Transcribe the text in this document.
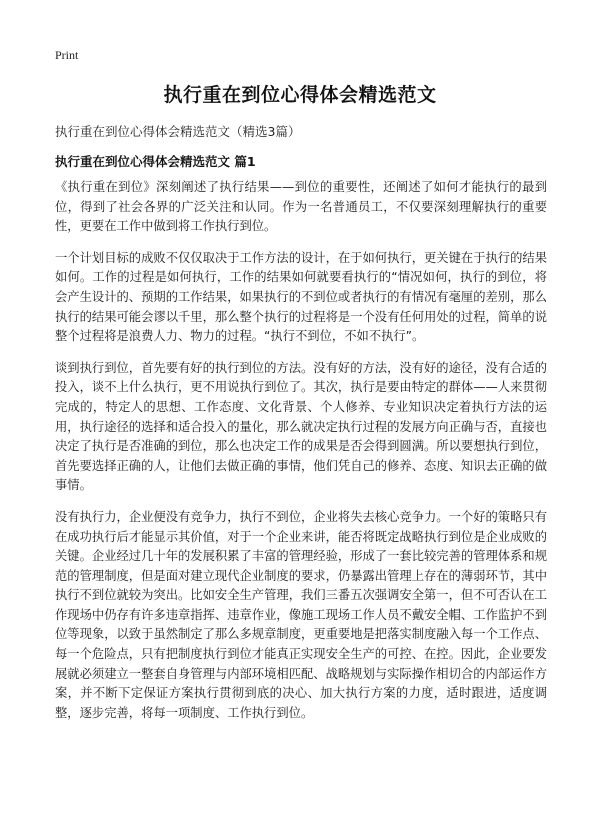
Print
执行重在到位心得体会精选范文
执行重在到位心得体会精选范文（精选3篇）
执行重在到位心得体会精选范文 篇1

《执行重在到位》深刻阐述了执行结果——到位的重要性，还阐述了如何才能执行的最到位，得到了社会各界的广泛关注和认同。作为一名普通员工，不仅要深刻理解执行的重要性，更要在工作中做到将工作执行到位。

一个计划目标的成败不仅仅取决于工作方法的设计，在于如何执行，更关键在于执行的结果如何。工作的过程是如何执行，工作的结果如何就要看执行的“情况如何，执行的到位，将会产生设计的、预期的工作结果，如果执行的不到位或者执行的有情况有毫厘的差别，那么执行的结果可能会谬以千里，那么整个执行的过程将是一个没有任何用处的过程，简单的说整个过程将是浪费人力、物力的过程。“执行不到位，不如不执行”。

谈到执行到位，首先要有好的执行到位的方法。没有好的方法，没有好的途径，没有合适的投入，谈不上什么执行，更不用说执行到位了。其次，执行是要由特定的群体——人来贯彻完成的，特定人的思想、工作态度、文化背景、个人修养、专业知识决定着执行方法的运用，执行途径的选择和适合投入的量化，那么就决定执行过程的发展方向正确与否，直接也决定了执行是否准确的到位，那么也决定工作的成果是否会得到圆满。所以要想执行到位，首先要选择正确的人，让他们去做正确的事情，他们凭自己的修养、态度、知识去正确的做事情。

没有执行力，企业便没有竞争力，执行不到位，企业将失去核心竞争力。一个好的策略只有在成功执行后才能显示其价值，对于一个企业来讲，能否将既定战略执行到位是企业成败的关键。企业经过几十年的发展积累了丰富的管理经验，形成了一套比较完善的管理体系和规范的管理制度，但是面对建立现代企业制度的要求，仍暴露出管理上存在的薄弱环节，其中执行不到位就较为突出。比如安全生产管理，我们三番五次强调安全第一，但不可否认在工作现场中仍存有许多违章指挥、违章作业，像施工现场工作人员不戴安全帽、工作监护不到位等现象，以致于虽然制定了那么多规章制度，更重要地是把落实制度融入每一个工作点、每一个危险点，只有把制度执行到位才能真正实现安全生产的可控、在控。因此，企业要发展就必须建立一整套自身管理与内部环境相匹配、战略规划与实际操作相切合的内部运作方案，并不断下定保证方案执行贯彻到底的决心、加大执行方案的力度，适时跟进，适度调整，逐步完善，将每一项制度、工作执行到位。
